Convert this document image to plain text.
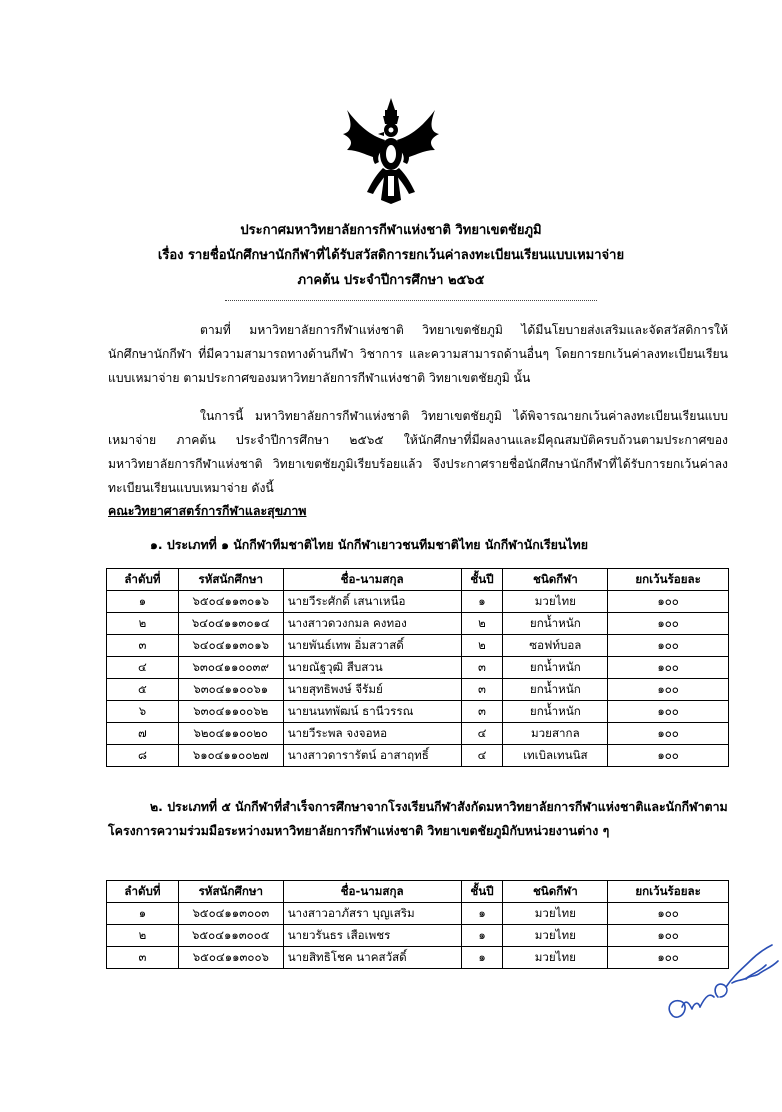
ประกาศมหาวิทยาลัยการกีฬาแห่งชาติ วิทยาเขตชัยภูมิ
เรื่อง รายชื่อนักศึกษานักกีฬาที่ได้รับสวัสดิการยกเว้นค่าลงทะเบียนเรียนแบบเหมาจ่าย
ภาคต้น ประจำปีการศึกษา ๒๕๖๕
ตามที่ มหาวิทยาลัยการกีฬาแห่งชาติ วิทยาเขตชัยภูมิ ได้มีนโยบายส่งเสริมและจัดสวัสดิการให้นักศึกษานักกีฬา ที่มีความสามารถทางด้านกีฬา วิชาการ และความสามารถด้านอื่นๆ โดยการยกเว้นค่าลงทะเบียนเรียนแบบเหมาจ่าย ตามประกาศของมหาวิทยาลัยการกีฬาแห่งชาติ วิทยาเขตชัยภูมิ นั้น
ในการนี้ มหาวิทยาลัยการกีฬาแห่งชาติ วิทยาเขตชัยภูมิ ได้พิจารณายกเว้นค่าลงทะเบียนเรียนแบบเหมาจ่าย ภาคต้น ประจำปีการศึกษา ๒๕๖๕ ให้นักศึกษาที่มีผลงานและมีคุณสมบัติครบถ้วนตามประกาศของมหาวิทยาลัยการกีฬาแห่งชาติ วิทยาเขตชัยภูมิเรียบร้อยแล้ว จึงประกาศรายชื่อนักศึกษานักกีฬาที่ได้รับการยกเว้นค่าลงทะเบียนเรียนแบบเหมาจ่าย ดังนี้
คณะวิทยาศาสตร์การกีฬาและสุขภาพ
๑. ประเภทที่ ๑ นักกีฬาทีมชาติไทย นักกีฬาเยาวชนทีมชาติไทย นักกีฬานักเรียนไทย
ลำดับที่	รหัสนักศึกษา	ชื่อ-นามสกุล	ชั้นปี	ชนิดกีฬา	ยกเว้นร้อยละ
๑	๖๕๐๔๑๑๓๐๑๖	นายวีระศักดิ์ เสนาเหนือ	๑	มวยไทย	๑๐๐
๒	๖๔๐๔๑๑๓๐๑๔	นางสาวดวงกมล คงทอง	๒	ยกน้ำหนัก	๑๐๐
๓	๖๔๐๔๑๑๓๐๑๖	นายพันธ์เทพ อิ่มสวาสดิ์	๒	ซอฟท์บอล	๑๐๐
๔	๖๓๐๔๑๑๐๐๓๙	นายณัฐวุฒิ สืบสวน	๓	ยกน้ำหนัก	๑๐๐
๕	๖๓๐๔๑๑๐๐๖๑	นายสุทธิพงษ์ จีรัมย์	๓	ยกน้ำหนัก	๑๐๐
๖	๖๓๐๔๑๑๐๐๖๒	นายนนทพัฒน์ ธานีวรรณ	๓	ยกน้ำหนัก	๑๐๐
๗	๖๒๐๔๑๑๐๐๒๐	นายวีระพล จงจอหอ	๔	มวยสากล	๑๐๐
๘	๖๑๐๔๑๑๐๐๒๗	นางสาวดารารัตน์ อาสาฤทธิ์	๔	เทเบิลเทนนิส	๑๐๐
๒. ประเภทที่ ๕ นักกีฬาที่สำเร็จการศึกษาจากโรงเรียนกีฬาสังกัดมหาวิทยาลัยการกีฬาแห่งชาติและนักกีฬาตามโครงการความร่วมมือระหว่างมหาวิทยาลัยการกีฬาแห่งชาติ วิทยาเขตชัยภูมิกับหน่วยงานต่าง ๆ
ลำดับที่	รหัสนักศึกษา	ชื่อ-นามสกุล	ชั้นปี	ชนิดกีฬา	ยกเว้นร้อยละ
๑	๖๕๐๔๑๑๓๐๐๓	นางสาวอาภัสรา บุญเสริม	๑	มวยไทย	๑๐๐
๒	๖๕๐๔๑๑๓๐๐๕	นายวรันธร เสือเพชร	๑	มวยไทย	๑๐๐
๓	๖๕๐๔๑๑๓๐๐๖	นายสิทธิโชค นาคสวัสดิ์	๑	มวยไทย	๑๐๐
